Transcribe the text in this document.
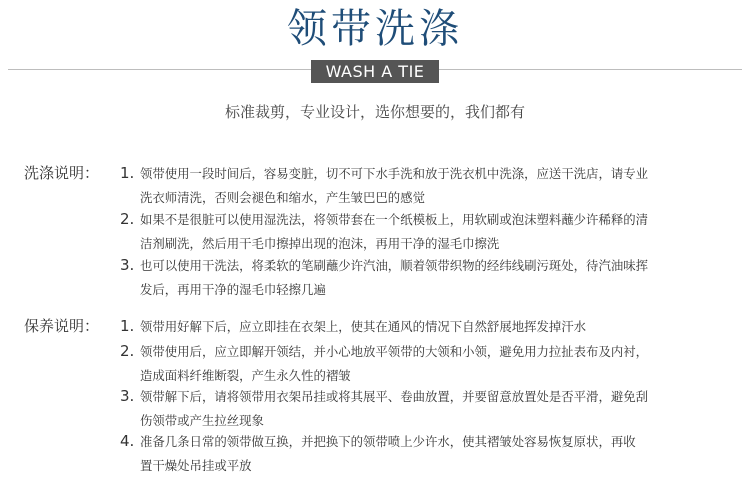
领带洗涤
WASH A TIE
标准裁剪，专业设计，选你想要的，我们都有
洗涤说明：	1. 领带使用一段时间后，容易变脏，切不可下水手洗和放于洗衣机中洗涤，应送干洗店，请专业
洗衣师清洗，否则会褪色和缩水，产生皱巴巴的感觉
2. 如果不是很脏可以使用湿洗法，将领带套在一个纸模板上，用软刷或泡沫塑料蘸少许稀释的清
洁剂刷洗，然后用干毛巾擦掉出现的泡沫，再用干净的湿毛巾擦洗
3. 也可以使用干洗法，将柔软的笔刷蘸少许汽油，顺着领带织物的经纬线刷污斑处，待汽油味挥
发后，再用干净的湿毛巾轻擦几遍
保养说明：	1. 领带用好解下后，应立即挂在衣架上，使其在通风的情况下自然舒展地挥发掉汗水
2. 领带使用后，应立即解开领结，并小心地放平领带的大领和小领，避免用力拉扯表布及内衬，
造成面料纤维断裂，产生永久性的褶皱
3. 领带解下后，请将领带用衣架吊挂或将其展平、卷曲放置，并要留意放置处是否平滑，避免刮
伤领带或产生拉丝现象
4. 准备几条日常的领带做互换，并把换下的领带喷上少许水，使其褶皱处容易恢复原状，再收
置干燥处吊挂或平放
